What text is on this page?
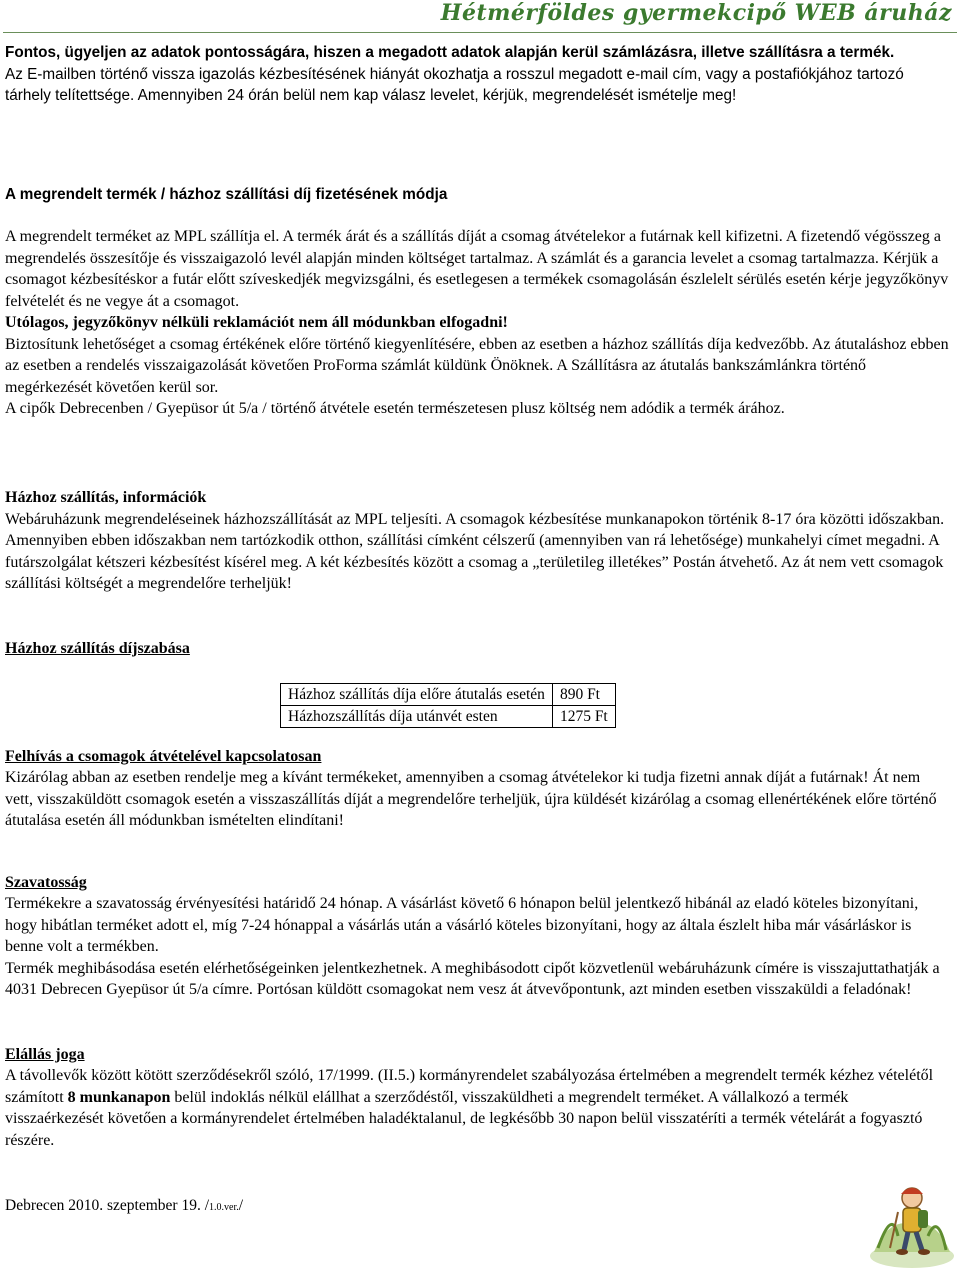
Hétmérföldes gyermekcipő WEB áruház

Fontos, ügyeljen az adatok pontosságára, hiszen a megadott adatok alapján kerül számlázásra, illetve szállításra a termék.

Az E-mailben történő vissza igazolás kézbesítésének hiányát okozhatja a rosszul megadott e-mail cím, vagy a postafiókjához tartozó tárhely telítettsége. Amennyiben 24 órán belül nem kap válasz levelet, kérjük, megrendelését ismételje meg!

A megrendelt termék / házhoz szállítási díj fizetésének módja

A megrendelt terméket az MPL szállítja el. A termék árát és a szállítás díját a csomag átvételekor a futárnak kell kifizetni. A fizetendő végösszeg a megrendelés összesítője és visszaigazoló levél alapján minden költséget tartalmaz. A számlát és a garancia levelet a csomag tartalmazza. Kérjük a csomagot kézbesítéskor a futár előtt szíveskedjék megvizsgálni, és esetlegesen a termékek csomagolásán észlelelt sérülés esetén kérje jegyzőkönyv felvételét és ne vegye át a csomagot.

Utólagos, jegyzőkönyv nélküli reklamációt nem áll módunkban elfogadni!

Biztosítunk lehetőséget a csomag értékének előre történő kiegyenlítésére, ebben az esetben a házhoz szállítás díja kedvezőbb. Az átutaláshoz ebben az esetben a rendelés visszaigazolását követően ProForma számlát küldünk Önöknek. A Szállításra az átutalás bankszámlánkra történő megérkezését követően kerül sor.

A cipők Debrecenben / Gyepüsor út 5/a / történő átvétele esetén természetesen plusz költség nem adódik a termék árához.

Házhoz szállítás, információk

Webáruházunk megrendeléseinek házhozszállítását az MPL teljesíti. A csomagok kézbesítése munkanapokon történik 8-17 óra közötti időszakban. Amennyiben ebben időszakban nem tartózkodik otthon, szállítási címként célszerű (amennyiben van rá lehetősége) munkahelyi címet megadni. A futárszolgálat kétszeri kézbesítést kísérel meg. A két kézbesítés között a csomag a „területileg illetékes” Postán átvehető. Az át nem vett csomagok szállítási költségét a megrendelőre terheljük!

Házhoz szállítás díjszabása

Házhoz szállítás díja előre átutalás esetén	890 Ft
Házhozszállítás díja utánvét esten	1275 Ft

Felhívás a csomagok átvételével kapcsolatosan

Kizárólag abban az esetben rendelje meg a kívánt termékeket, amennyiben a csomag átvételekor ki tudja fizetni annak díját a futárnak! Át nem vett, visszaküldött csomagok esetén a visszaszállítás díját a megrendelőre terheljük, újra küldését kizárólag a csomag ellenértékének előre történő átutalása esetén áll módunkban ismételten elindítani!

Szavatosság

Termékekre a szavatosság érvényesítési határidő 24 hónap. A vásárlást követő 6 hónapon belül jelentkező hibánál az eladó köteles bizonyítani, hogy hibátlan terméket adott el, míg 7-24 hónappal a vásárlás után a vásárló köteles bizonyítani, hogy az általa észlelt hiba már vásárláskor is benne volt a termékben.

Termék meghibásodása esetén elérhetőségeinken jelentkezhetnek. A meghibásodott cipőt közvetlenül webáruházunk címére is visszajuttathatják a 4031 Debrecen Gyepüsor út 5/a címre. Portósan küldött csomagokat nem vesz át átvevőpontunk, azt minden esetben visszaküldi a feladónak!

Elállás joga

A távollevők között kötött szerződésekről szóló, 17/1999. (II.5.) kormányrendelet szabályozása értelmében a megrendelt termék kézhez vételétől számított 8 munkanapon belül indoklás nélkül elállhat a szerződéstől, visszaküldheti a megrendelt terméket. A vállalkozó a termék visszaérkezését követően a kormányrendelet értelmében haladéktalanul, de legkésőbb 30 napon belül visszatéríti a termék vételárát a fogyasztó részére.

Debrecen 2010. szeptember 19. /1.0.ver./
